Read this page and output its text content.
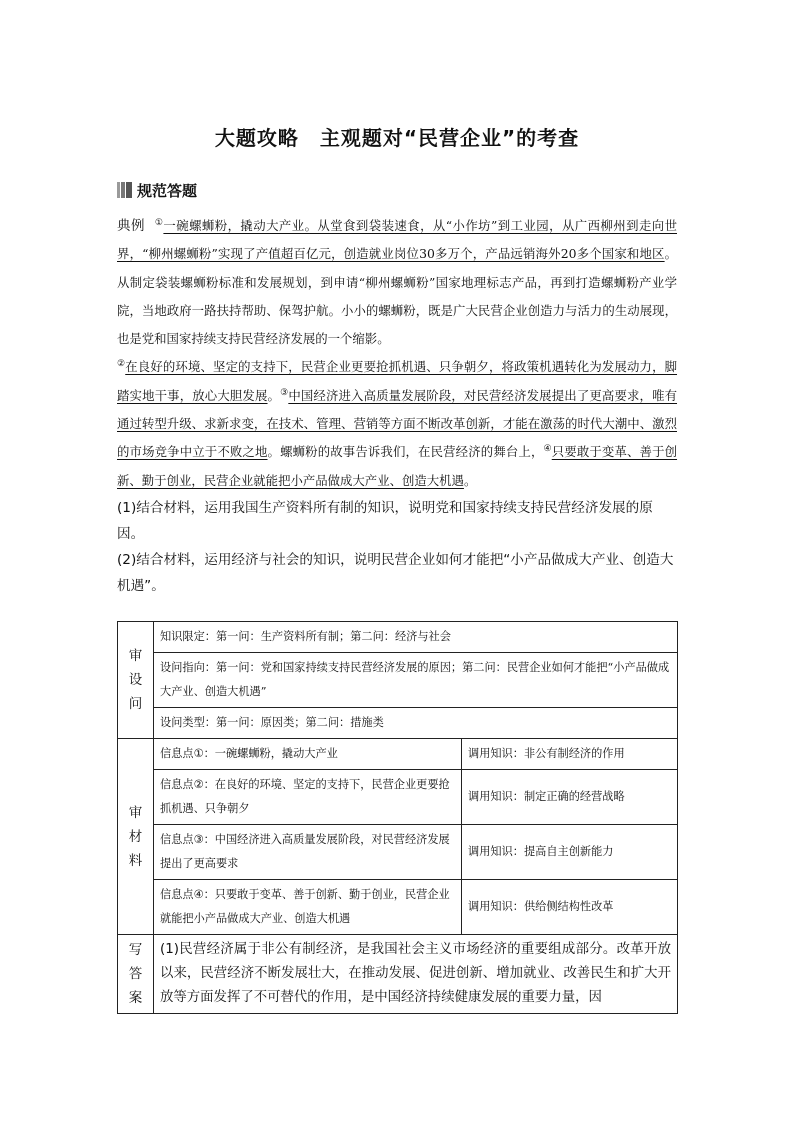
大题攻略　主观题对“民营企业”的考查
规范答题

典例 ①一碗螺蛳粉，撬动大产业。从堂食到袋装速食，从“小作坊”到工业园，从广西柳州到走向世界，“柳州螺蛳粉”实现了产值超百亿元，创造就业岗位30多万个，产品远销海外20多个国家和地区。从制定袋装螺蛳粉标准和发展规划，到申请“柳州螺蛳粉”国家地理标志产品，再到打造螺蛳粉产业学院，当地政府一路扶持帮助、保驾护航。小小的螺蛳粉，既是广大民营企业创造力与活力的生动展现，也是党和国家持续支持民营经济发展的一个缩影。

②在良好的环境、坚定的支持下，民营企业更要抢抓机遇、只争朝夕，将政策机遇转化为发展动力，脚踏实地干事，放心大胆发展。③中国经济进入高质量发展阶段，对民营经济发展提出了更高要求，唯有通过转型升级、求新求变，在技术、管理、营销等方面不断改革创新，才能在激荡的时代大潮中、激烈的市场竞争中立于不败之地。螺蛳粉的故事告诉我们，在民营经济的舞台上，④只要敢于变革、善于创新、勤于创业，民营企业就能把小产品做成大产业、创造大机遇。

(1)结合材料，运用我国生产资料所有制的知识，说明党和国家持续支持民营经济发展的原因。

(2)结合材料，运用经济与社会的知识，说明民营企业如何才能把“小产品做成大产业、创造大机遇”。

审设问	知识限定：第一问：生产资料所有制；第二问：经济与社会	
	设问指向：第一问：党和国家持续支持民营经济发展的原因；第二问：民营企业如何才能把“小产品做成大产业、创造大机遇”	
	设问类型：第一问：原因类；第二问：措施类	

审材料	信息点①：一碗螺蛳粉，撬动大产业	调用知识：非公有制经济的作用
	信息点②：在良好的环境、坚定的支持下，民营企业更要抢抓机遇、只争朝夕	调用知识：制定正确的经营战略
	信息点③：中国经济进入高质量发展阶段，对民营经济发展提出了更高要求	调用知识：提高自主创新能力
	信息点④：只要敢于变革、善于创新、勤于创业，民营企业就能把小产品做成大产业、创造大机遇	调用知识：供给侧结构性改革

写答案	(1)民营经济属于非公有制经济，是我国社会主义市场经济的重要组成部分。改革开放以来，民营经济不断发展壮大，在推动发展、促进创新、增加就业、改善民生和扩大开放等方面发挥了不可替代的作用，是中国经济持续健康发展的重要力量，因	
